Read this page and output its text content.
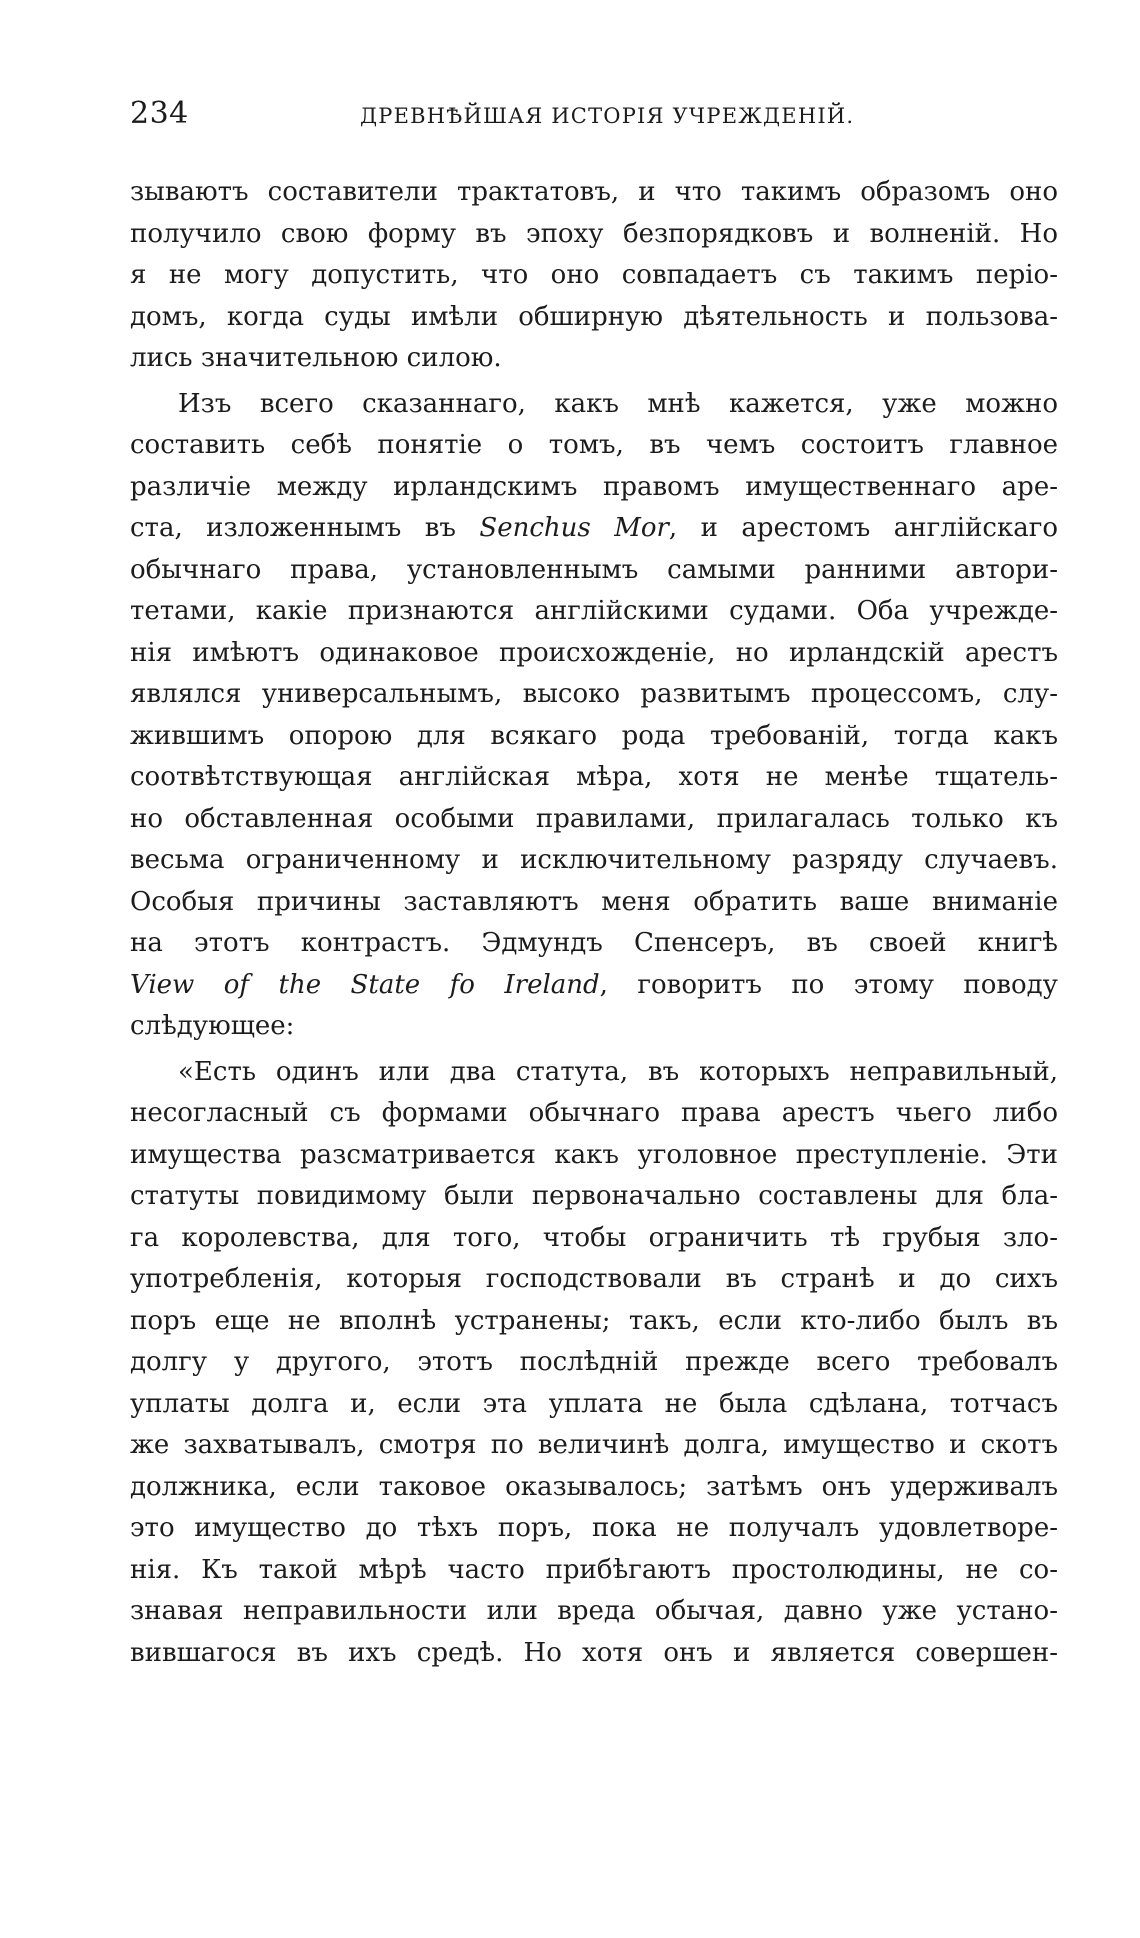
234	ДРЕВНѢЙШАЯ ИСТОРІЯ УЧРЕЖДЕНІЙ.
зываютъ составители трактатовъ, и что такимъ образомъ оно
получило свою форму въ эпоху безпорядковъ и волненій. Но
я не могу допустить, что оно совпадаетъ съ такимъ періо-
домъ, когда суды имѣли обширную дѣятельность и пользова-
лись значительною силою.
Изъ всего сказаннаго, какъ мнѣ кажется, уже можно
составить себѣ понятіе о томъ, въ чемъ состоитъ главное
различіе между ирландскимъ правомъ имущественнаго аре-
ста, изложеннымъ въ Senchus Mor, и арестомъ англійскаго
обычнаго права, установленнымъ самыми ранними автори-
тетами, какіе признаются англійскими судами. Оба учрежде-
нія имѣютъ одинаковое происхожденіе, но ирландскій арестъ
являлся универсальнымъ, высоко развитымъ процессомъ, слу-
жившимъ опорою для всякаго рода требованій, тогда какъ
соотвѣтствующая англійская мѣра, хотя не менѣе тщатель-
но обставленная особыми правилами, прилагалась только къ
весьма ограниченному и исключительному разряду случаевъ.
Особыя причины заставляютъ меня обратить ваше вниманіе
на этотъ контрастъ. Эдмундъ Спенсеръ, въ своей книгѣ
View of the State fo Ireland, говоритъ по этому поводу
слѣдующее:
«Есть одинъ или два статута, въ которыхъ неправильный,
несогласный съ формами обычнаго права арестъ чьего либо
имущества разсматривается какъ уголовное преступленіе. Эти
статуты повидимому были первоначально составлены для бла-
га королевства, для того, чтобы ограничить тѣ грубыя зло-
употребленія, которыя господствовали въ странѣ и до сихъ
поръ еще не вполнѣ устранены; такъ, если кто-либо былъ въ
долгу у другого, этотъ послѣдній прежде всего требовалъ
уплаты долга и, если эта уплата не была сдѣлана, тотчасъ
же захватывалъ, смотря по величинѣ долга, имущество и скотъ
должника, если таковое оказывалось; затѣмъ онъ удерживалъ
это имущество до тѣхъ поръ, пока не получалъ удовлетворе-
нія. Къ такой мѣрѣ часто прибѣгаютъ простолюдины, не со-
знавая неправильности или вреда обычая, давно уже устано-
вившагося въ ихъ средѣ. Но хотя онъ и является совершен-
